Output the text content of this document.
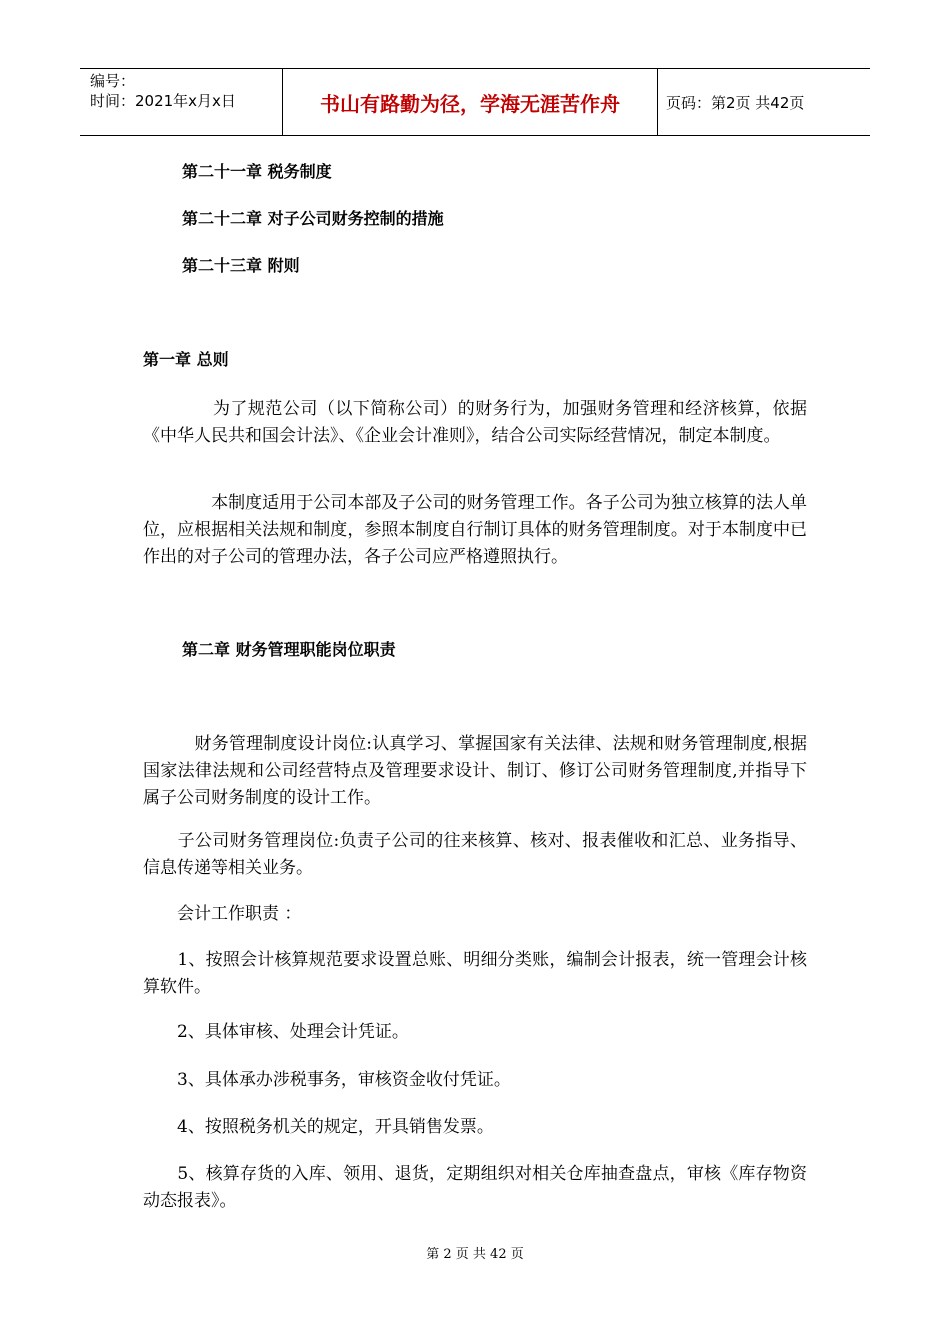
编号：
时间：2021年x月x日	书山有路勤为径，学海无涯苦作舟	页码：第2页 共42页
第二十一章 税务制度
第二十二章 对子公司财务控制的措施
第二十三章 附则
第一章 总则
　　　　为了规范公司（以下简称公司）的财务行为，加强财务管理和经济核算，依据《中华人民共和国会计法》、《企业会计准则》，结合公司实际经营情况，制定本制度。
　　　　本制度适用于公司本部及子公司的财务管理工作。各子公司为独立核算的法人单位，应根据相关法规和制度，参照本制度自行制订具体的财务管理制度。对于本制度中已作出的对子公司的管理办法，各子公司应严格遵照执行。
第二章 财务管理职能岗位职责
　　　财务管理制度设计岗位:认真学习、掌握国家有关法律、法规和财务管理制度,根据国家法律法规和公司经营特点及管理要求设计、制订、修订公司财务管理制度,并指导下属子公司财务制度的设计工作。
　　子公司财务管理岗位:负责子公司的往来核算、核对、报表催收和汇总、业务指导、信息传递等相关业务。
　　会计工作职责 ：
　　1、按照会计核算规范要求设置总账、明细分类账，编制会计报表，统一管理会计核算软件。
　　2、具体审核、处理会计凭证。
　　3、具体承办涉税事务，审核资金收付凭证。
　　4、按照税务机关的规定，开具销售发票。
　　5、核算存货的入库、领用、退货，定期组织对相关仓库抽查盘点，审核《库存物资动态报表》。
第 2 页 共 42 页
